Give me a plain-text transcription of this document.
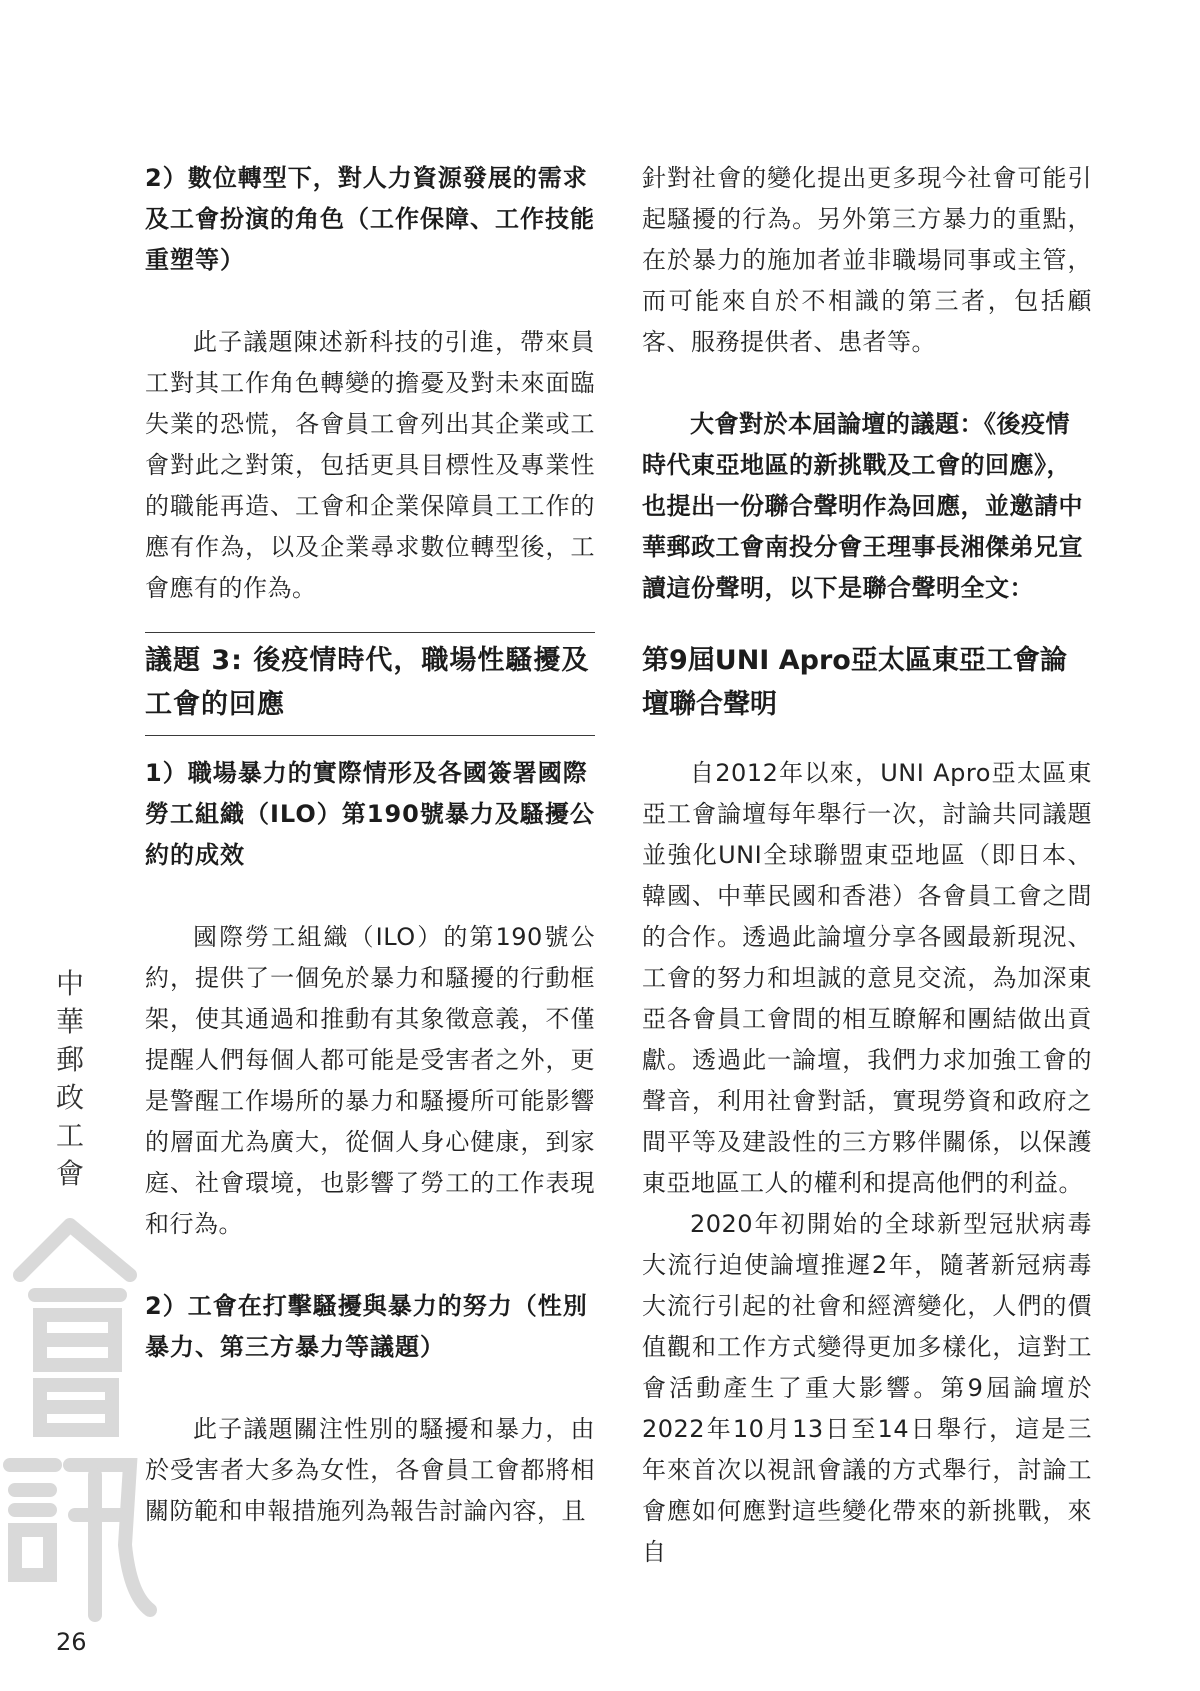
2）數位轉型下，對人力資源發展的需求及工會扮演的角色（工作保障、工作技能重塑等）

此子議題陳述新科技的引進，帶來員工對其工作角色轉變的擔憂及對未來面臨失業的恐慌，各會員工會列出其企業或工會對此之對策，包括更具目標性及專業性的職能再造、工會和企業保障員工工作的應有作為，以及企業尋求數位轉型後，工會應有的作為。

議題 3: 後疫情時代，職場性騷擾及工會的回應
1）職場暴力的實際情形及各國簽署國際勞工組織（ILO）第190號暴力及騷擾公約的成效

國際勞工組織（ILO）的第190號公約，提供了一個免於暴力和騷擾的行動框架，使其通過和推動有其象徵意義，不僅提醒人們每個人都可能是受害者之外，更是警醒工作場所的暴力和騷擾所可能影響的層面尤為廣大，從個人身心健康，到家庭、社會環境，也影響了勞工的工作表現和行為。

2）工會在打擊騷擾與暴力的努力（性別暴力、第三方暴力等議題）

此子議題關注性別的騷擾和暴力，由於受害者大多為女性，各會員工會都將相關防範和申報措施列為報告討論內容，且

針對社會的變化提出更多現今社會可能引起騷擾的行為。另外第三方暴力的重點，在於暴力的施加者並非職場同事或主管，而可能來自於不相識的第三者，包括顧客、服務提供者、患者等。

大會對於本屆論壇的議題：《後疫情時代東亞地區的新挑戰及工會的回應》，也提出一份聯合聲明作為回應，並邀請中華郵政工會南投分會王理事長湘傑弟兄宣讀這份聲明，以下是聯合聲明全文：

第9屆UNI Apro亞太區東亞工會論壇聯合聲明

自2012年以來，UNI Apro亞太區東亞工會論壇每年舉行一次，討論共同議題並強化UNI全球聯盟東亞地區（即日本、韓國、中華民國和香港）各會員工會之間的合作。透過此論壇分享各國最新現況、工會的努力和坦誠的意見交流，為加深東亞各會員工會間的相互瞭解和團結做出貢獻。透過此一論壇，我們力求加強工會的聲音，利用社會對話，實現勞資和政府之間平等及建設性的三方夥伴關係，以保護東亞地區工人的權利和提高他們的利益。

2020年初開始的全球新型冠狀病毒大流行迫使論壇推遲2年，隨著新冠病毒大流行引起的社會和經濟變化，人們的價值觀和工作方式變得更加多樣化，這對工會活動產生了重大影響。第9屆論壇於2022年10月13日至14日舉行，這是三年來首次以視訊會議的方式舉行，討論工會應如何應對這些變化帶來的新挑戰，來自

中華郵政工會
26
